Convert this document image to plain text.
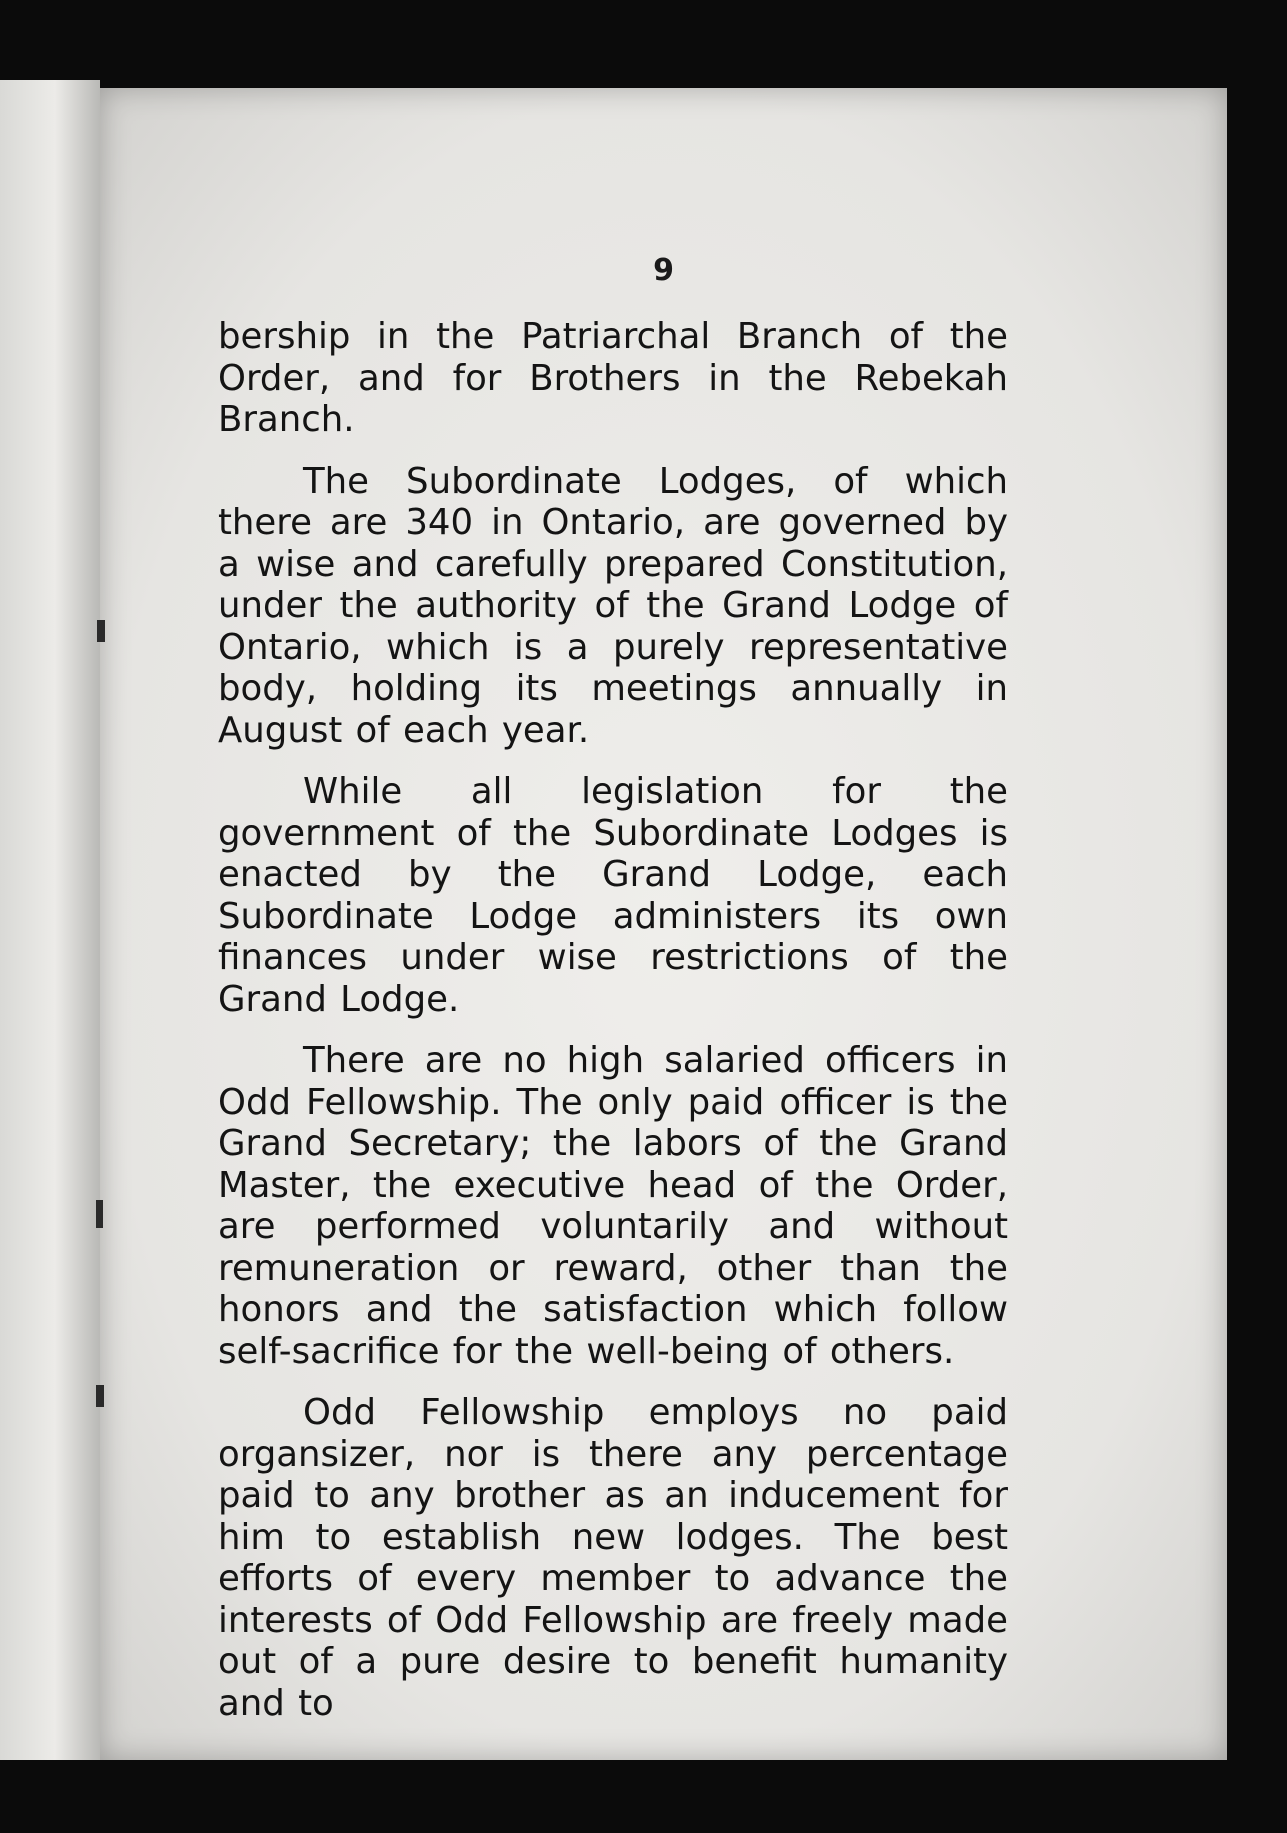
9

bership in the Patriarchal Branch of the Order, and for Brothers in the Rebekah Branch.

The Subordinate Lodges, of which there are 340 in Ontario, are governed by a wise and carefully prepared Constitution, under the authority of the Grand Lodge of Ontario, which is a purely representative body, holding its meetings annually in August of each year.

While all legislation for the government of the Subordinate Lodges is enacted by the Grand Lodge, each Subordinate Lodge administers its own finances under wise restrictions of the Grand Lodge.

There are no high salaried officers in Odd Fellowship. The only paid officer is the Grand Secretary; the labors of the Grand Master, the executive head of the Order, are performed voluntarily and without remuneration or reward, other than the honors and the satisfaction which follow self-sacrifice for the well-being of others.

Odd Fellowship employs no paid organsizer, nor is there any percentage paid to any brother as an inducement for him to establish new lodges. The best efforts of every member to advance the interests of Odd Fellowship are freely made out of a pure desire to benefit humanity and to
